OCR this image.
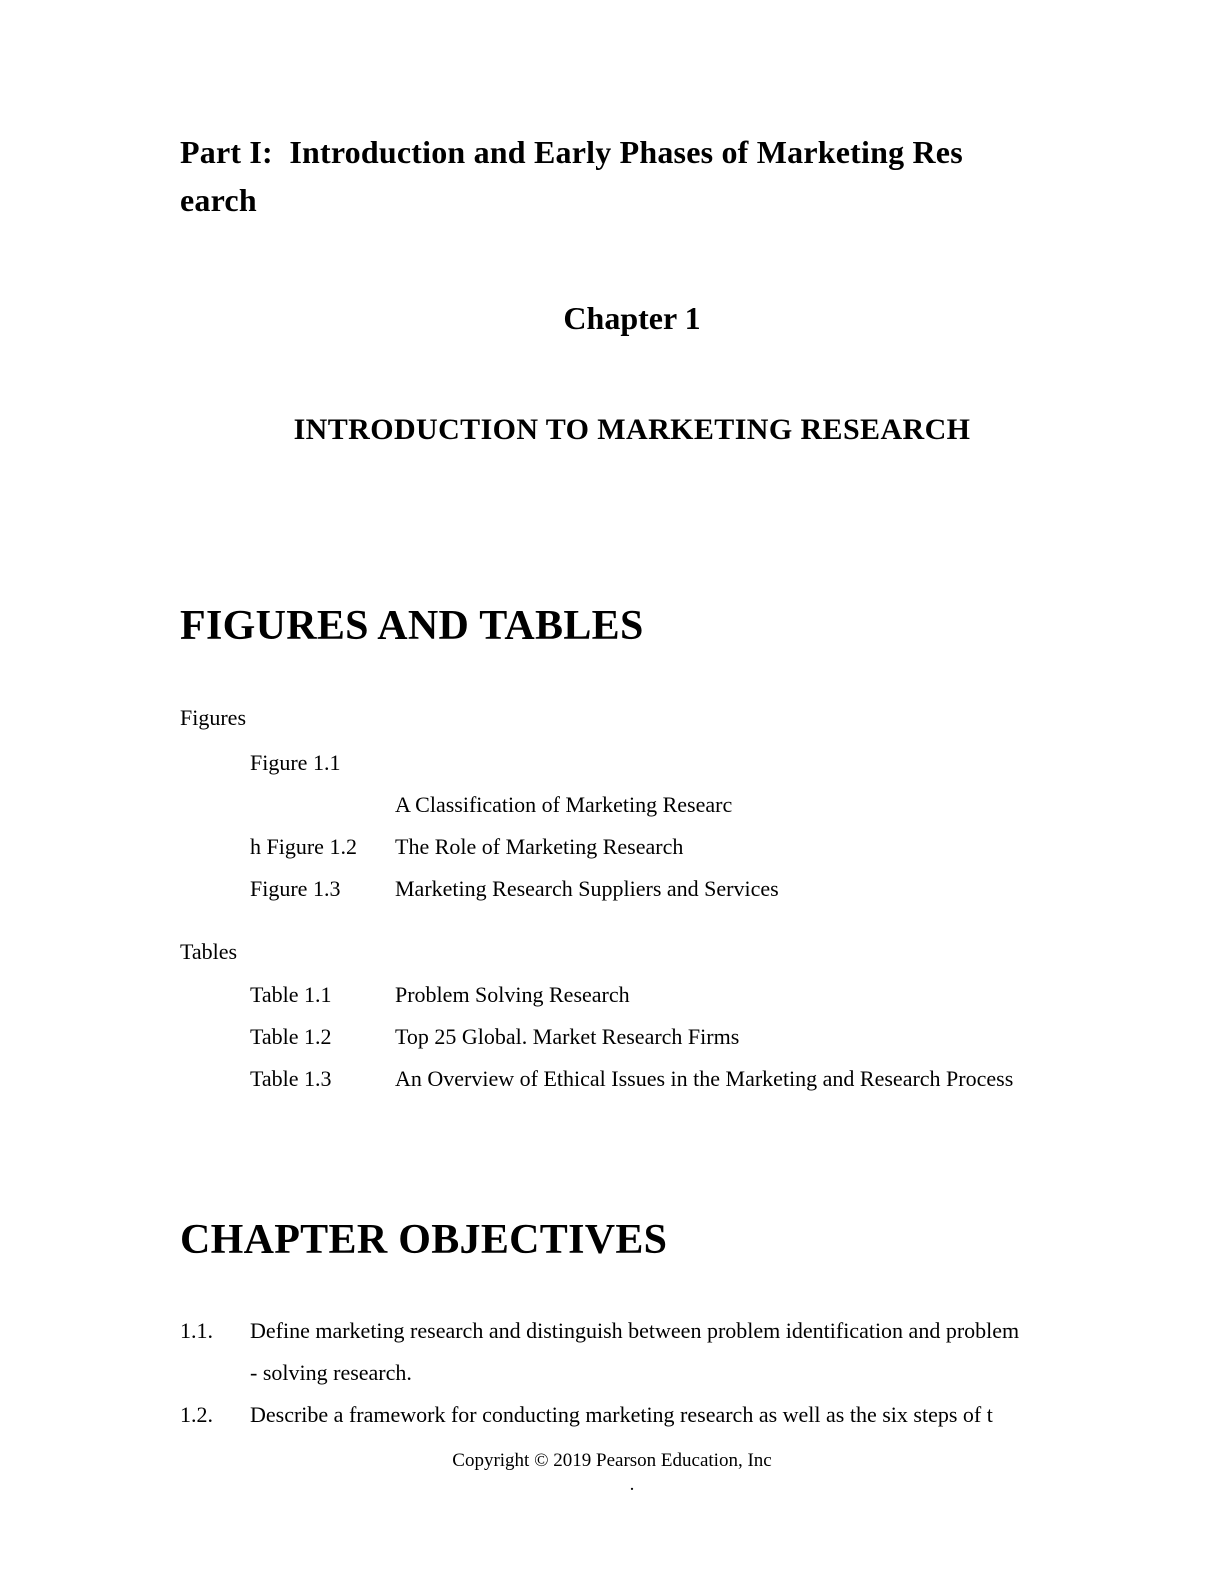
Part I:  Introduction and Early Phases of Marketing Res
earch
Chapter 1
INTRODUCTION TO MARKETING RESEARCH
FIGURES AND TABLES
Figures
Figure 1.1
A Classification of Marketing Researc
h Figure 1.2	The Role of Marketing Research
Figure 1.3	Marketing Research Suppliers and Services
Tables
Table 1.1	Problem Solving Research
Table 1.2	Top 25 Global. Market Research Firms
Table 1.3	An Overview of Ethical Issues in the Marketing and Research Process
CHAPTER OBJECTIVES
1.1.	Define marketing research and distinguish between problem identification and problem
- solving research.
1.2.	Describe a framework for conducting marketing research as well as the six steps of t
Copyright © 2019 Pearson Education, Inc
.
